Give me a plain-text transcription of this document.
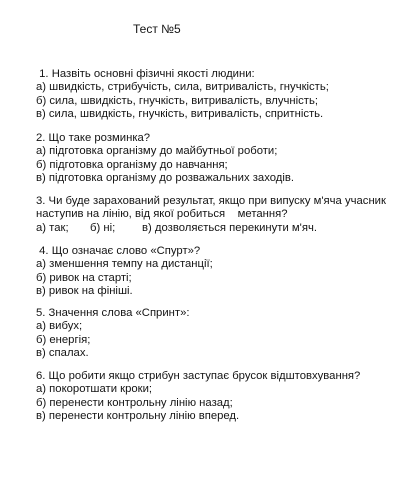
Тест №5
1. Назвіть основні фізичні якості людини:
а) швидкість, стрибучість, сила, витривалість, гнучкість;
б) сила, швидкість, гнучкість, витривалість, влучність;
в) сила, швидкість, гнучкість, витривалість, спритність.
2. Що таке розминка?
а) підготовка організму до майбутньої роботи;
б) підготовка організму до навчання;
в) підготовка організму до розважальних заходів.
3. Чи буде зарахований результат, якщо при випуску м'яча учасник
наступив на лінію, від якої робиться    метання?
а) так; б) ні; в) дозволяється перекинути м'яч.
4. Що означає слово «Спурт»?
а) зменшення темпу на дистанції;
б) ривок на старті;
в) ривок на фініші.
5. Значення слова «Спринт»:
а) вибух;
б) енергія;
в) спалах.
6. Що робити якщо стрибун заступає брусок відштовхування?
а) покоротшати кроки;
б) перенести контрольну лінію назад;
в) перенести контрольну лінію вперед.
